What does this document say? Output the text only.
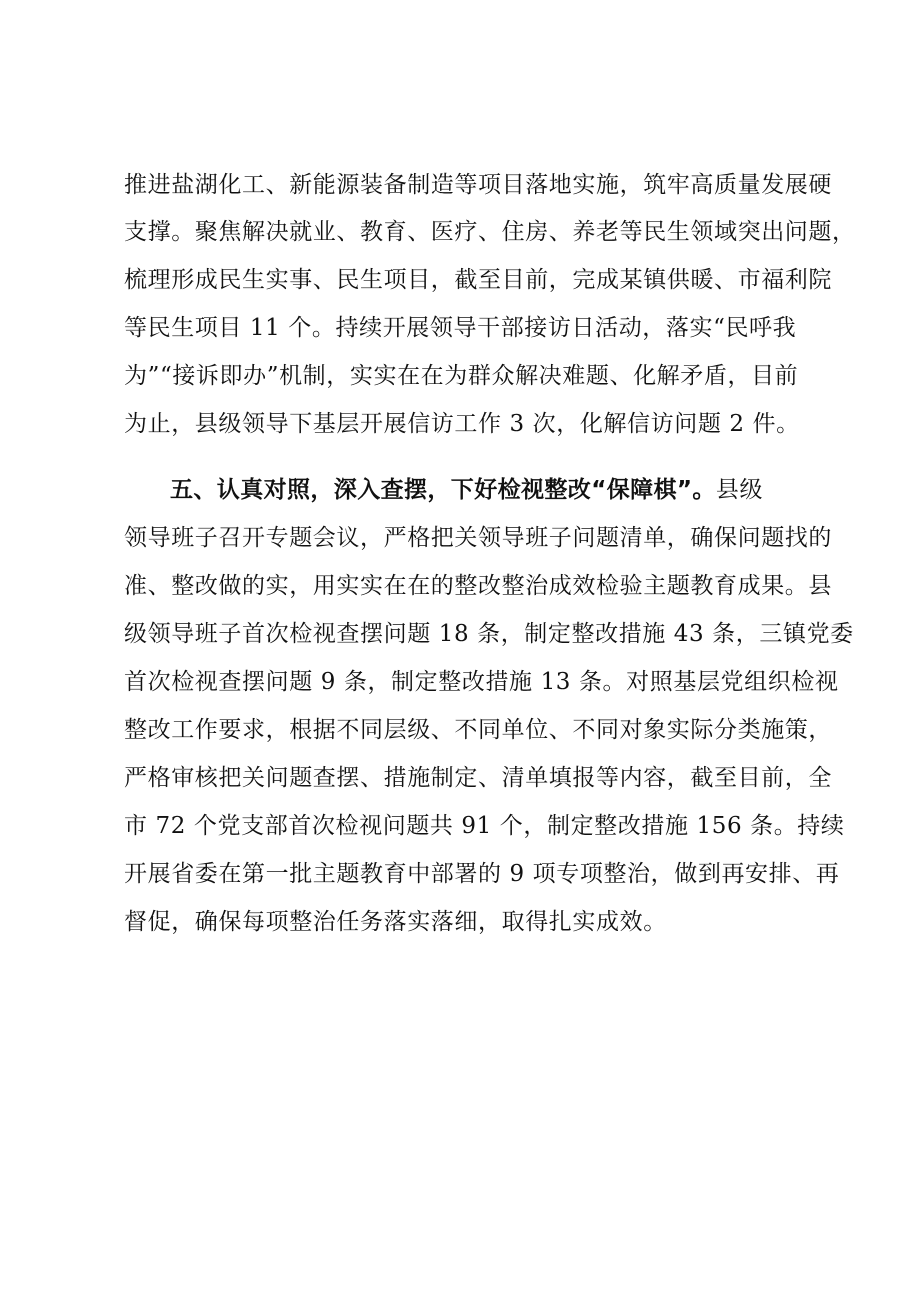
推进盐湖化工、新能源装备制造等项目落地实施，筑牢高质量发展硬
支撑。聚焦解决就业、教育、医疗、住房、养老等民生领域突出问题，
梳理形成民生实事、民生项目，截至目前，完成某镇供暖、市福利院
等民生项目 11 个。持续开展领导干部接访日活动，落实“民呼我
为”“接诉即办”机制，实实在在为群众解决难题、化解矛盾，目前
为止，县级领导下基层开展信访工作 3 次，化解信访问题 2 件。
五、认真对照，深入查摆，下好检视整改“保障棋”。县级
领导班子召开专题会议，严格把关领导班子问题清单，确保问题找的
准、整改做的实，用实实在在的整改整治成效检验主题教育成果。县
级领导班子首次检视查摆问题 18 条，制定整改措施 43 条，三镇党委
首次检视查摆问题 9 条，制定整改措施 13 条。对照基层党组织检视
整改工作要求，根据不同层级、不同单位、不同对象实际分类施策，
严格审核把关问题查摆、措施制定、清单填报等内容，截至目前，全
市 72 个党支部首次检视问题共 91 个，制定整改措施 156 条。持续
开展省委在第一批主题教育中部署的 9 项专项整治，做到再安排、再
督促，确保每项整治任务落实落细，取得扎实成效。
